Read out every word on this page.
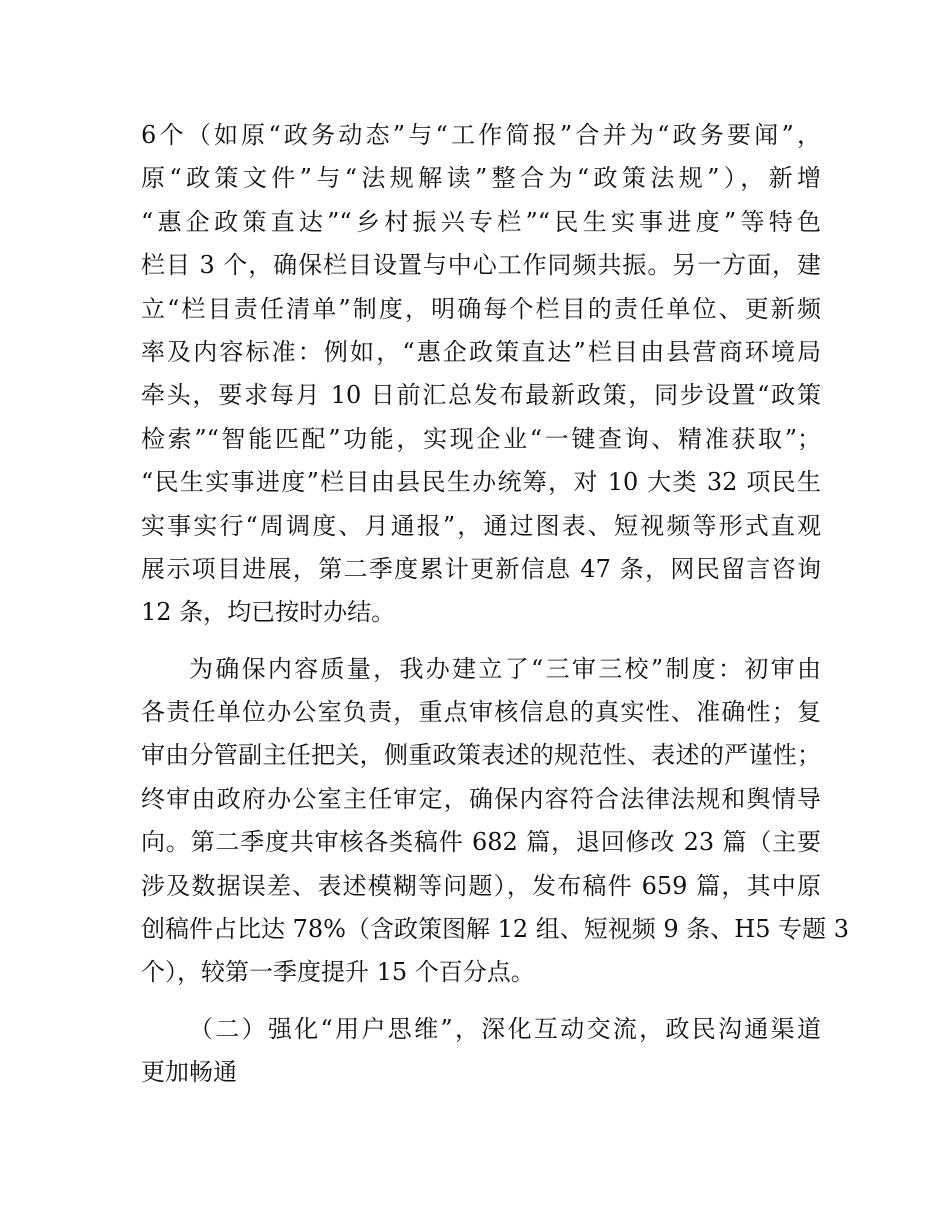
6个（如原“政务动态”与“工作简报”合并为“政务要闻”，
原“政策文件”与“法规解读”整合为“政策法规”），新增
“惠企政策直达”“乡村振兴专栏”“民生实事进度”等特色
栏目 3 个，确保栏目设置与中心工作同频共振。另一方面，建
立“栏目责任清单”制度，明确每个栏目的责任单位、更新频
率及内容标准：例如，“惠企政策直达”栏目由县营商环境局
牵头，要求每月 10 日前汇总发布最新政策，同步设置“政策
检索”“智能匹配”功能，实现企业“一键查询、精准获取”；
“民生实事进度”栏目由县民生办统筹，对 10 大类 32 项民生
实事实行“周调度、月通报”，通过图表、短视频等形式直观
展示项目进展，第二季度累计更新信息 47 条，网民留言咨询
12 条，均已按时办结。
为确保内容质量，我办建立了“三审三校”制度：初审由
各责任单位办公室负责，重点审核信息的真实性、准确性；复
审由分管副主任把关，侧重政策表述的规范性、表述的严谨性；
终审由政府办公室主任审定，确保内容符合法律法规和舆情导
向。第二季度共审核各类稿件 682 篇，退回修改 23 篇（主要
涉及数据误差、表述模糊等问题），发布稿件 659 篇，其中原
创稿件占比达 78%（含政策图解 12 组、短视频 9 条、H5 专题 3
个），较第一季度提升 15 个百分点。
（二）强化“用户思维”，深化互动交流，政民沟通渠道
更加畅通
